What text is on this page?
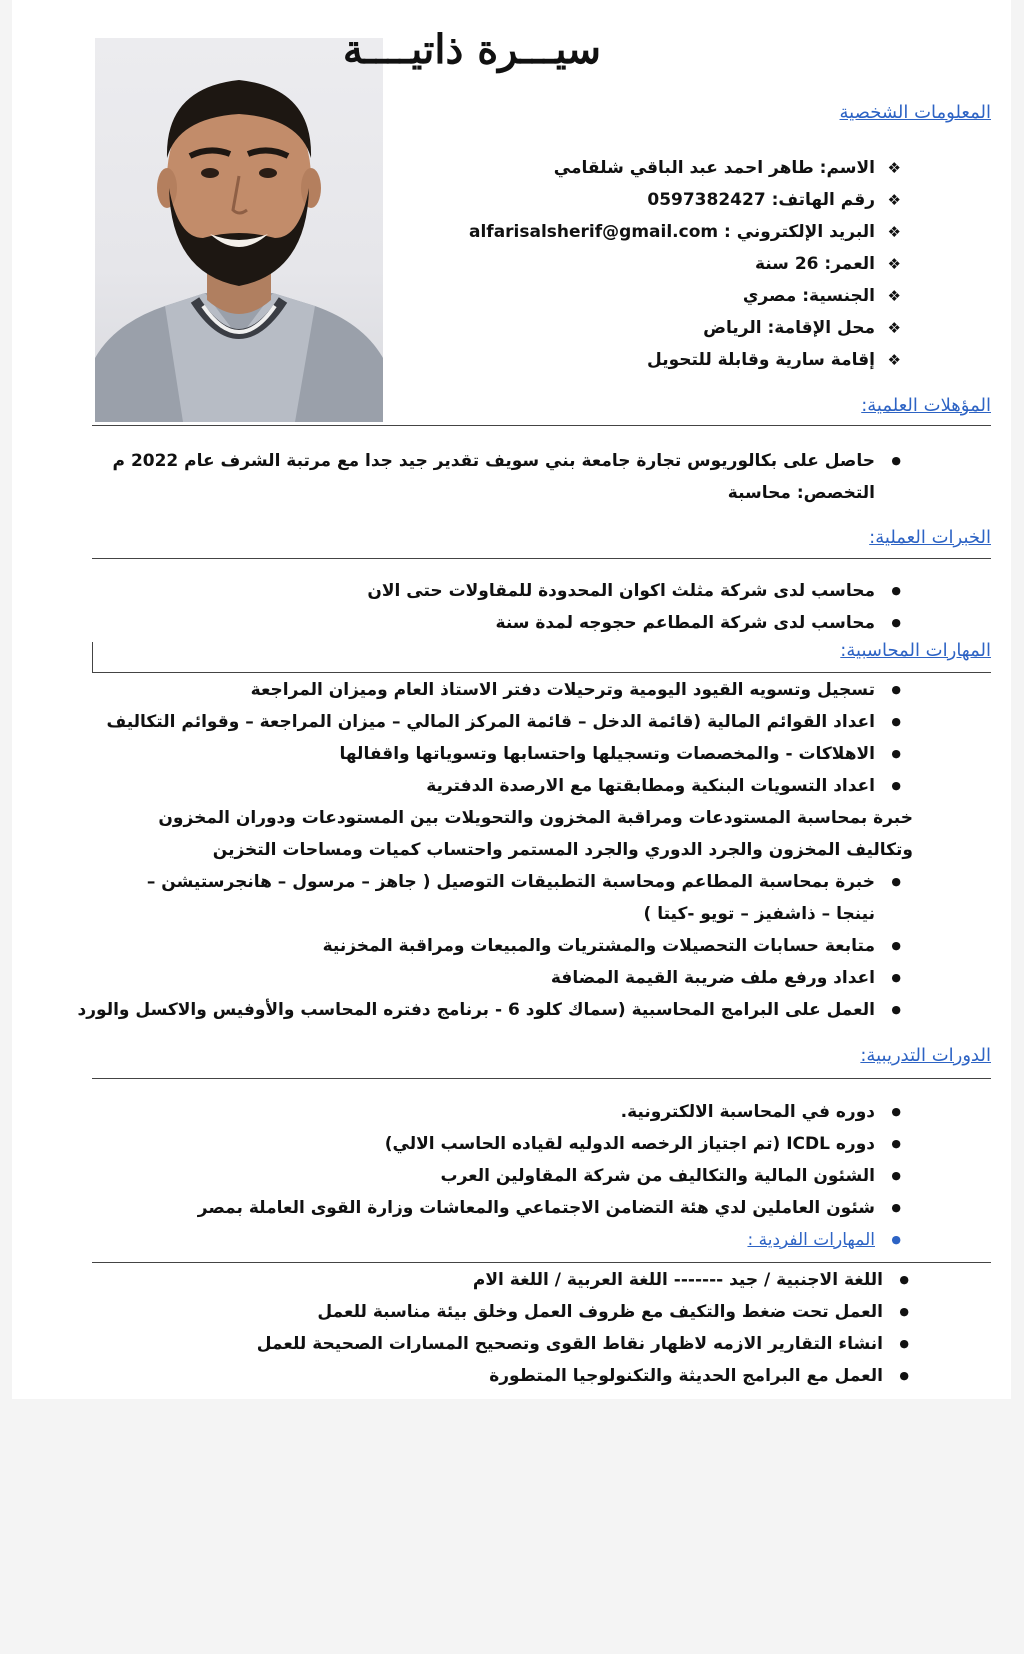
سيـــرة ذاتيــــة
المعلومات الشخصية
❖ الاسم: طاهر احمد عبد الباقي شلقامي
❖ رقم الهاتف: 0597382427
❖ البريد الإلكتروني : alfarisalsherif@gmail.com
❖ العمر: 26 سنة
❖ الجنسية: مصري
❖ محل الإقامة: الرياض
❖ إقامة سارية وقابلة للتحويل
المؤهلات العلمية:
● حاصل على بكالوريوس تجارة جامعة بني سويف تقدير جيد جدا مع مرتبة الشرف عام 2022 م
التخصص: محاسبة
الخبرات العملية:
● محاسب لدى شركة مثلث اكوان المحدودة للمقاولات حتى الان
● محاسب لدى شركة المطاعم حجوجه لمدة سنة
المهارات المحاسبية:
● تسجيل وتسويه القيود اليومية وترحيلات دفتر الاستاذ العام وميزان المراجعة
● اعداد القوائم المالية (قائمة الدخل – قائمة المركز المالي – ميزان المراجعة – وقوائم التكاليف
● الاهلاكات - والمخصصات وتسجيلها واحتسابها وتسوياتها واقفالها
● اعداد التسويات البنكية ومطابقتها مع الارصدة الدفترية
خبرة بمحاسبة المستودعات ومراقبة المخزون والتحويلات بين المستودعات ودوران المخزون وتكاليف المخزون والجرد الدوري والجرد المستمر واحتساب كميات ومساحات التخزين
● خبرة بمحاسبة المطاعم ومحاسبة التطبيقات التوصيل ( جاهز – مرسول – هانجرستيشن – نينجا – ذاشفيز – تويو -كيتا )
● متابعة حسابات التحصيلات والمشتريات والمبيعات ومراقبة المخزنية
● اعداد ورفع ملف ضريبة القيمة المضافة
● العمل على البرامج المحاسبية (سماك كلود 6 - برنامج دفتره المحاسب والأوفيس والاكسل والورد
الدورات التدريبية:
● دوره في المحاسبة الالكترونية.
● دوره ICDL (تم اجتياز الرخصه الدوليه لقياده الحاسب الالي)
● الشئون المالية والتكاليف من شركة المقاولين العرب
● شئون العاملين لدي هئة التضامن الاجتماعي والمعاشات وزارة القوى العاملة بمصر
● المهارات الفردية :
● اللغة الاجنبية / جيد ------- اللغة العربية / اللغة الام
● العمل تحت ضغط والتكيف مع ظروف العمل وخلق بيئة مناسبة للعمل
● انشاء التقارير الازمه لاظهار نقاط القوى وتصحيح المسارات الصحيحة للعمل
● العمل مع البرامج الحديثة والتكنولوجيا المتطورة
